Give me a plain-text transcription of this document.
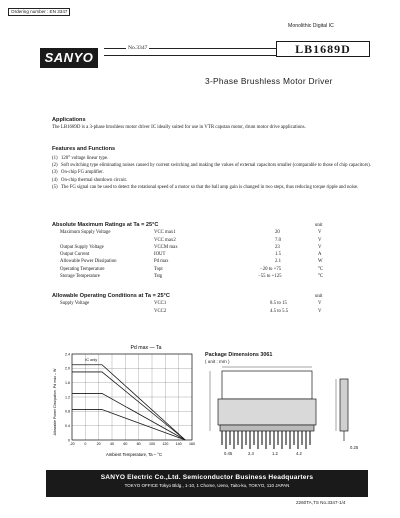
Ordering number : EN 3347
Monolithic Digital IC
No.3347	LB1689D
SANYO
3-Phase Brushless Motor Driver
Applications
The LB1689D is a 3-phase brushless motor driver IC ideally suited for use in VTR capstan motor, drum motor drive applications.
Features and Functions
(1) 120° voltage linear type.
(2) Soft switching type eliminating noises caused by current switching and making the values of external capacitors smaller (comparable to those of chip capacitors).
(3) On-chip FG amplifier.
(4) On-chip thermal shutdown circuit.
(5) The FG signal can be used to detect the rotational speed of a motor so that the ball amp gain is changed in two steps, thus reducing torque ripple and noise.
Absolute Maximum Ratings at Ta = 25°C	unit
Maximum Supply Voltage	VCC max1	20	V
VCC max2	7.0	V
Output Supply Voltage	VCCM max	23	V
Output Current	IOUT	1.5	A
Allowable Power Dissipation	Pd max	2.1	W
Operating Temperature	Topr	−20 to +75	°C
Storage Temperature	Tstg	−55 to +125	°C
Allowable Operating Conditions at Ta = 25°C	unit
Supply Voltage	VCC1	8.5 to 15	V
VCC2	4.5 to 5.5	V
Pd max — Ta
Allowable Power Dissipation, Pd max – W
Ambient Temperature, Ta – °C
-20	0	20	40	60	80 100 120 140 160
0
0.4
0.8
1.2
1.6
2.0
2.4
IC only
Package Dimensions 3061
( unit : mm )
0.45	2.4	1.2	4.2
0.25
SANYO Electric Co.,Ltd. Semiconductor Business Headquarters
TOKYO OFFICE Tokyo Bldg., 1-10, 1 Chome, Ueno, Taito-ku, TOKYO, 110 JAPAN
2260TA,TS No.3347-1/4
